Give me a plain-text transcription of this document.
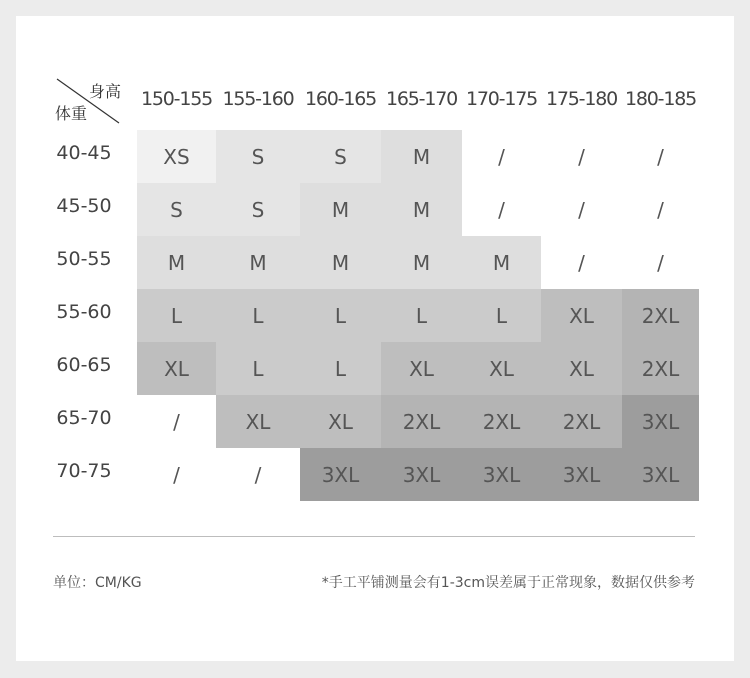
身高
体重
150-155 155-160 160-165 165-170 170-175 175-180 180-185
40-45	XS	S	S	M	/	/	/
45-50	S	S	M	M	/	/	/
50-55	M	M	M	M	M	/	/
55-60	L	L	L	L	L	XL	2XL
60-65	XL	L	L	XL	XL	XL	2XL
65-70	/	XL	XL	2XL	2XL	2XL	3XL
70-75	/	/	3XL	3XL	3XL	3XL	3XL
单位：CM/KG	*手工平铺测量会有1-3cm误差属于正常现象，数据仅供参考
